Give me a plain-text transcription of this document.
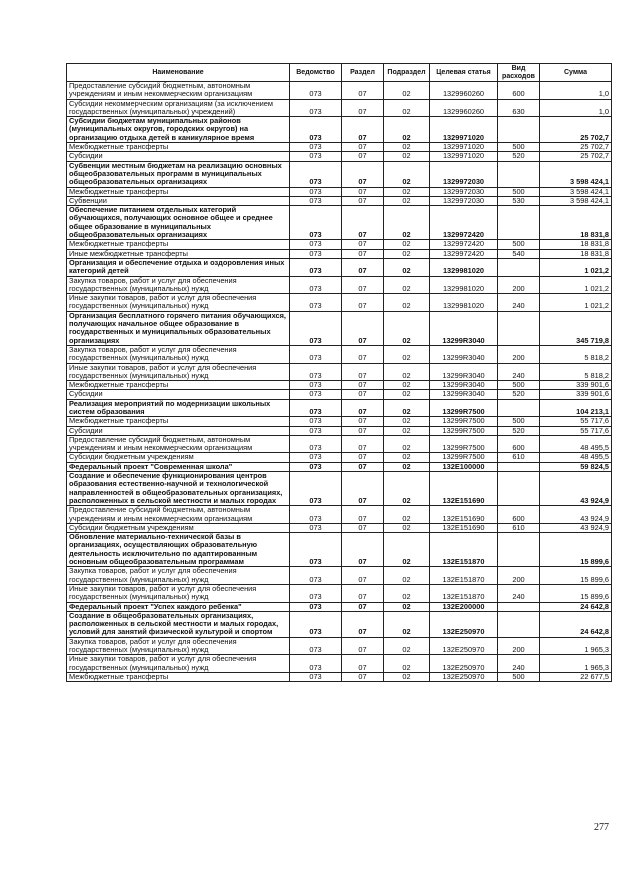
Наименование	Ведомство	Раздел	Подраздел	Целевая статья	Вид расходов	Сумма
Предоставление субсидий бюджетным, автономным учреждениям и иным некоммерческим организациям	073	07	02	1329960260	600	1,0
Субсидии некоммерческим организациям (за исключением государственных (муниципальных) учреждений)	073	07	02	1329960260	630	1,0
Субсидии бюджетам муниципальных районов (муниципальных округов, городских округов) на организацию отдыха детей в каникулярное время	073	07	02	1329971020		25 702,7
Межбюджетные трансферты	073	07	02	1329971020	500	25 702,7
Субсидии	073	07	02	1329971020	520	25 702,7
Субвенции местным бюджетам на реализацию основных общеобразовательных программ в муниципальных общеобразовательных организациях	073	07	02	1329972030		3 598 424,1
Межбюджетные трансферты	073	07	02	1329972030	500	3 598 424,1
Субвенции	073	07	02	1329972030	530	3 598 424,1
Обеспечение питанием отдельных категорий обучающихся, получающих основное общее и среднее общее образование в муниципальных общеобразовательных организациях	073	07	02	1329972420		18 831,8
Межбюджетные трансферты	073	07	02	1329972420	500	18 831,8
Иные межбюджетные трансферты	073	07	02	1329972420	540	18 831,8
Организация и обеспечение отдыха и оздоровления иных категорий детей	073	07	02	1329981020		1 021,2
Закупка товаров, работ и услуг для обеспечения государственных (муниципальных) нужд	073	07	02	1329981020	200	1 021,2
Иные закупки товаров, работ и услуг для обеспечения государственных (муниципальных) нужд	073	07	02	1329981020	240	1 021,2
Организация бесплатного горячего питания обучающихся, получающих начальное общее образование в государственных и муниципальных образовательных организациях	073	07	02	13299R3040		345 719,8
Закупка товаров, работ и услуг для обеспечения государственных (муниципальных) нужд	073	07	02	13299R3040	200	5 818,2
Иные закупки товаров, работ и услуг для обеспечения государственных (муниципальных) нужд	073	07	02	13299R3040	240	5 818,2
Межбюджетные трансферты	073	07	02	13299R3040	500	339 901,6
Субсидии	073	07	02	13299R3040	520	339 901,6
Реализация мероприятий по модернизации школьных систем образования	073	07	02	13299R7500		104 213,1
Межбюджетные трансферты	073	07	02	13299R7500	500	55 717,6
Субсидии	073	07	02	13299R7500	520	55 717,6
Предоставление субсидий бюджетным, автономным учреждениям и иным некоммерческим организациям	073	07	02	13299R7500	600	48 495,5
Субсидии бюджетным учреждениям	073	07	02	13299R7500	610	48 495,5
Федеральный проект "Современная школа"	073	07	02	132E100000		59 824,5
Создание и обеспечение функционирования центров образования естественно-научной и технологической направленностей в общеобразовательных организациях, расположенных в сельской местности и малых городах	073	07	02	132E151690		43 924,9
Предоставление субсидий бюджетным, автономным учреждениям и иным некоммерческим организациям	073	07	02	132E151690	600	43 924,9
Субсидии бюджетным учреждениям	073	07	02	132E151690	610	43 924,9
Обновление материально-технической базы в организациях, осуществляющих образовательную деятельность исключительно по адаптированным основным общеобразовательным программам	073	07	02	132E151870		15 899,6
Закупка товаров, работ и услуг для обеспечения государственных (муниципальных) нужд	073	07	02	132E151870	200	15 899,6
Иные закупки товаров, работ и услуг для обеспечения государственных (муниципальных) нужд	073	07	02	132E151870	240	15 899,6
Федеральный проект "Успех каждого ребенка"	073	07	02	132E200000		24 642,8
Создание в общеобразовательных организациях, расположенных в сельской местности и малых городах, условий для занятий физической культурой и спортом	073	07	02	132E250970		24 642,8
Закупка товаров, работ и услуг для обеспечения государственных (муниципальных) нужд	073	07	02	132E250970	200	1 965,3
Иные закупки товаров, работ и услуг для обеспечения государственных (муниципальных) нужд	073	07	02	132E250970	240	1 965,3
Межбюджетные трансферты	073	07	02	132E250970	500	22 677,5
277
